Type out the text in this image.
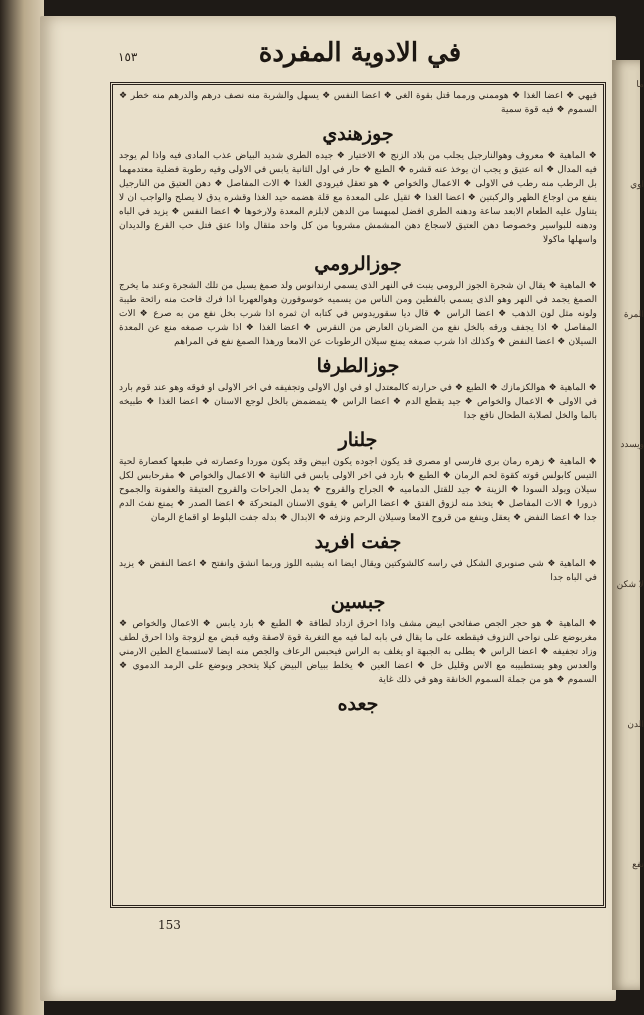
ما
اوي
المرة
ويسدد
لا شكن
الدن
نفع
في الادوية المفردة
١٥٣

فيهي ❖ اعضا الغذا ❖ هوممني ورمما قتل بقوة الغي ❖ اعضا النفس ❖ يسهل والشربة منه نصف درهم والدرهم منه خطر ❖ السموم ❖ فيه قوة سمية

جوزهندي

❖ الماهية ❖ معروف وهوالنارجيل يجلب من بلاد الزنج ❖ الاختيار ❖ جيده الطري شديد البياض عذب المادى فيه واذا لم يوجد فيه المدال ❖ انه عتيق و يجب ان يوخذ عنه قشره ❖ الطبع ❖ حار في اول الثانية يابس في الاولى وفيه رطوبة فضلية معتدمهما بل الرطب منه رطب في الاولى ❖ الاعمال والخواص ❖ هو تعقل فيرودي الغذا ❖ الات المفاصل ❖ دهن العتيق من النارجيل ينفع من اوجاع الظهر والركبتين ❖ اعضا الغذا ❖ ثقيل على المعدة مع قلة هضمه حيد الغذا وقشره يدق لا يصلح والواجب ان لا يتناول عليه الطعام الابعد ساعة ودهنه الطري افضل لمبهسا من الدهن لابلزم المعدة ولارخوها ❖ اعضا النفس ❖ يزيد في الباه ودهنه للبواسير وخصوصا دهن العتيق لاسجاع دهن المشمش مشروبا من كل واحد مثقال واذا عتق فتل حب القرع والديدان واسهلها ماكولا

جوزالرومي

❖ الماهية ❖ يقال ان شجرة الجوز الرومي ينبت في النهر الذي يسمي ارندانوس ولد صمغ يسيل من تلك الشجرة وعند ما يخرج الصمغ يجمد في النهر وهو الذي يسمي بالفطين ومن الناس من يسميه خوسوفورن وهوالعهربا اذا فرك فاحت منه رائحة طيبة ولونه مثل لون الذهب ❖ اعضا الراس ❖ قال ديا سقوريدوس في كتابه ان ثمره اذا شرب بخل نفع من به صرع ❖ الات المفاصل ❖ اذا يجفف ورقه بالخل نفع من الضربان العارض من النقرس ❖ اعضا الغذا ❖ اذا شرب صمغه منع عن المعدة السيلان ❖ اعضا النفض ❖ وكذلك اذا شرب صمغه يمنع سيلان الرطوبات عن الامعا ورهذا الصمغ نفع في المراهم

جوزالطرفا

❖ الماهية ❖ هوالكزمازك ❖ الطبع ❖ في حرارته كالمعتدل او في اول الاولى وتجفيفه في اخر الاولى او فوقه وهو عند قوم بارد في الاولى ❖ الاعمال والخواص ❖ جيد يقطع الدم ❖ اعضا الراس ❖ يتمضمض بالخل لوجع الاسنان ❖ اعضا الغذا ❖ طبيخه بالما والخل لصلابة الطحال نافع جدا

جلنار

❖ الماهية ❖ زهره رمان بري فارسي او مصري قد يكون اجوده يكون ابيض وقد يكون موردا وعصارته في طبعها كعصارة لحية التيس كابولس قوته كقوة لحم الرمان ❖ الطبع ❖ بارد في اخر الاولى يابس في الثانية ❖ الاعمال والخواص ❖ مقرحابس لكل سيلان ويولد السودا ❖ الزينة ❖ جيد للقتل الدماميه ❖ الجراح والقروح ❖ يدمل الجراحات والقروح العتيقة والعفونة والجموح ذرورا ❖ الات المفاصل ❖ يتخذ منه لزوق الفتق ❖ اعضا الراس ❖ يقوي الاسنان المتحركة ❖ اعضا الصدر ❖ يمنع نفث الدم جدا ❖ اعضا النفض ❖ يعقل وينفع من قروح الامعا وسيلان الرحم ونزفه ❖ الابدال ❖ بدله جفت البلوط او اقماع الرمان

جفت افريد

❖ الماهية ❖ شي صنوبري الشكل في راسه كالشوكتين ويقال ايضا انه يشبه اللوز وربما انشق وانفتح ❖ اعضا النفض ❖ يزيد في الباه جدا

جبسين

❖ الماهية ❖ هو حجر الجص صفائحي ابيض مشف واذا احرق ازداد لطافة ❖ الطبع ❖ بارد يابس ❖ الاعمال والخواص ❖ مغربوضع على نواحي النزوف فيقطعه على ما يقال في بابه لما فيه مع التغرية قوة لاصقة وفيه قبض مع لزوجة واذا احرق لطف وزاد تجفيفه ❖ اعضا الراس ❖ يطلى به الجبهة او يغلف به الراس فيحبس الرعاف والجص منه ايضا لاستسماع الطين الارمني والعدس وهو يستطبيبه مع الاس وقليل خل ❖ اعضا العين ❖ يخلط ببياض البيض كيلا يتحجر ويوضع على الرمد الدموي ❖ السموم ❖ هو من جملة السموم الخانقة وهو في ذلك غاية

جعده
153
